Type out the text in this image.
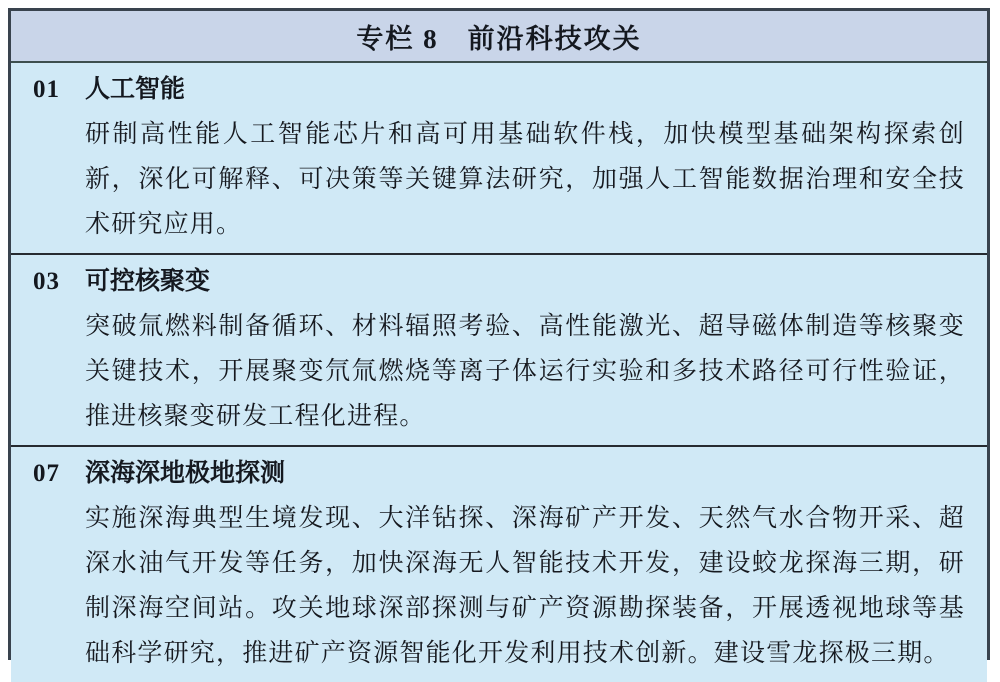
专栏 8　前沿科技攻关
01	人工智能
研制高性能人工智能芯片和高可用基础软件栈，加快模型基础架构探索创新，深化可解释、可决策等关键算法研究，加强人工智能数据治理和安全技术研究应用。
03	可控核聚变
突破氚燃料制备循环、材料辐照考验、高性能激光、超导磁体制造等核聚变关键技术，开展聚变氘氚燃烧等离子体运行实验和多技术路径可行性验证，推进核聚变研发工程化进程。
07	深海深地极地探测
实施深海典型生境发现、大洋钻探、深海矿产开发、天然气水合物开采、超深水油气开发等任务，加快深海无人智能技术开发，建设蛟龙探海三期，研制深海空间站。攻关地球深部探测与矿产资源勘探装备，开展透视地球等基础科学研究，推进矿产资源智能化开发利用技术创新。建设雪龙探极三期。
